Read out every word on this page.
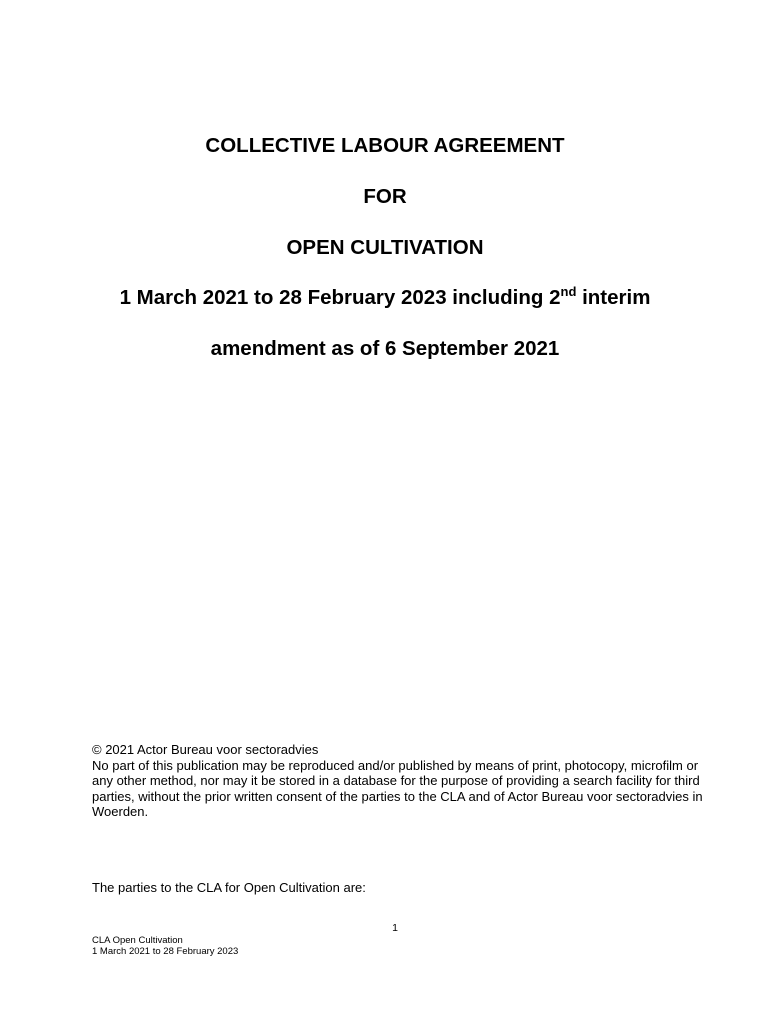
COLLECTIVE LABOUR AGREEMENT
FOR
OPEN CULTIVATION
1 March 2021 to 28 February 2023 including 2nd interim
amendment as of 6 September 2021

© 2021 Actor Bureau voor sectoradvies

No part of this publication may be reproduced and/or published by means of print, photocopy, microfilm or any other method, nor may it be stored in a database for the purpose of providing a search facility for third parties, without the prior written consent of the parties to the CLA and of Actor Bureau voor sectoradvies in Woerden.

The parties to the CLA for Open Cultivation are:
1
CLA Open Cultivation
1 March 2021 to 28 February 2023
